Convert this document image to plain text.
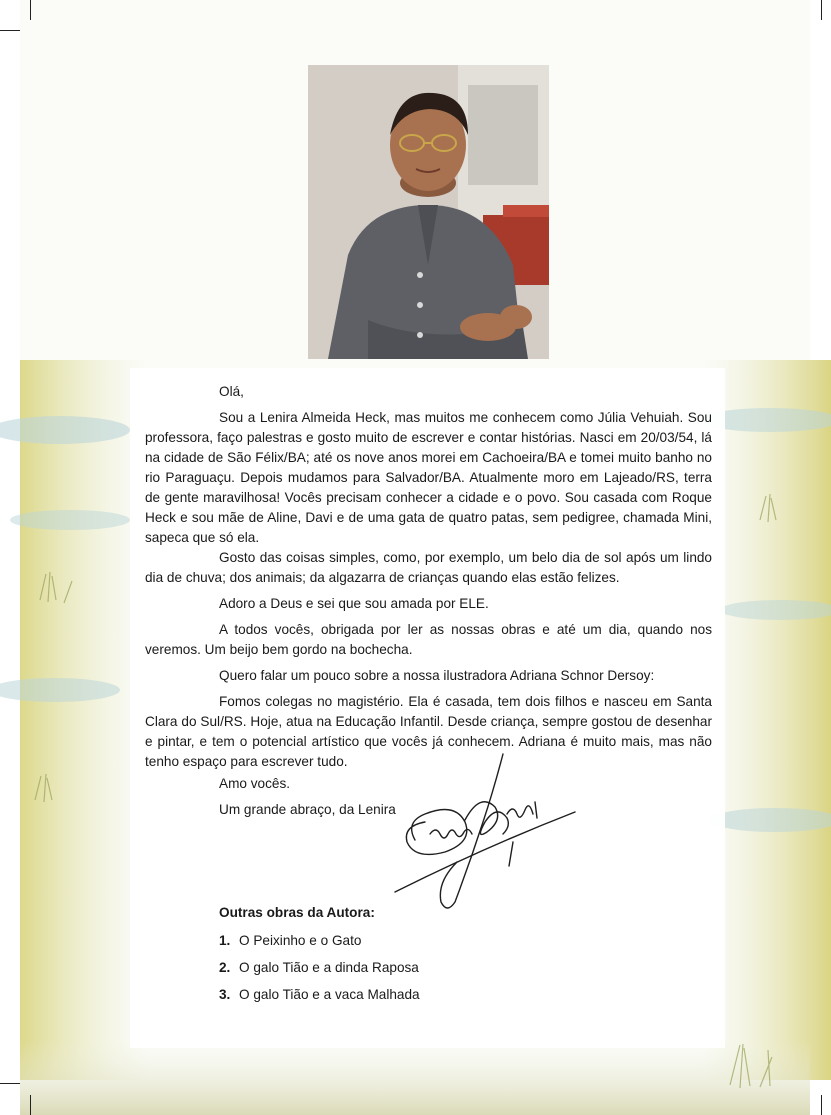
Olá,

Sou a Lenira Almeida Heck, mas muitos me conhecem como Júlia Vehuiah. Sou professora, faço palestras e gosto muito de escrever e contar histórias. Nasci em 20/03/54, lá na cidade de São Félix/BA; até os nove anos morei em Cachoeira/BA e tomei muito banho no rio Paraguaçu. Depois mudamos para Salvador/BA. Atualmente moro em Lajeado/RS, terra de gente maravilhosa! Vocês precisam conhecer a cidade e o povo. Sou casada com Roque Heck e sou mãe de Aline, Davi e de uma gata de quatro patas, sem pedigree, chamada Mini, sapeca que só ela.

Gosto das coisas simples, como, por exemplo, um belo dia de sol após um lindo dia de chuva; dos animais; da algazarra de crianças quando elas estão felizes.

Adoro a Deus e sei que sou amada por ELE.

A todos vocês, obrigada por ler as nossas obras e até um dia, quando nos veremos. Um beijo bem gordo na bochecha.

Quero falar um pouco sobre a nossa ilustradora Adriana Schnor Dersoy:

Fomos colegas no magistério. Ela é casada, tem dois filhos e nasceu em Santa Clara do Sul/RS. Hoje, atua na Educação Infantil. Desde criança, sempre gostou de desenhar e pintar, e tem o potencial artístico que vocês já conhecem. Adriana é muito mais, mas não tenho espaço para escrever tudo.

Amo vocês.

Um grande abraço, da Lenira

Outras obras da Autora:

1. O Peixinho e o Gato
2. O galo Tião e a dinda Raposa
3. O galo Tião e a vaca Malhada
